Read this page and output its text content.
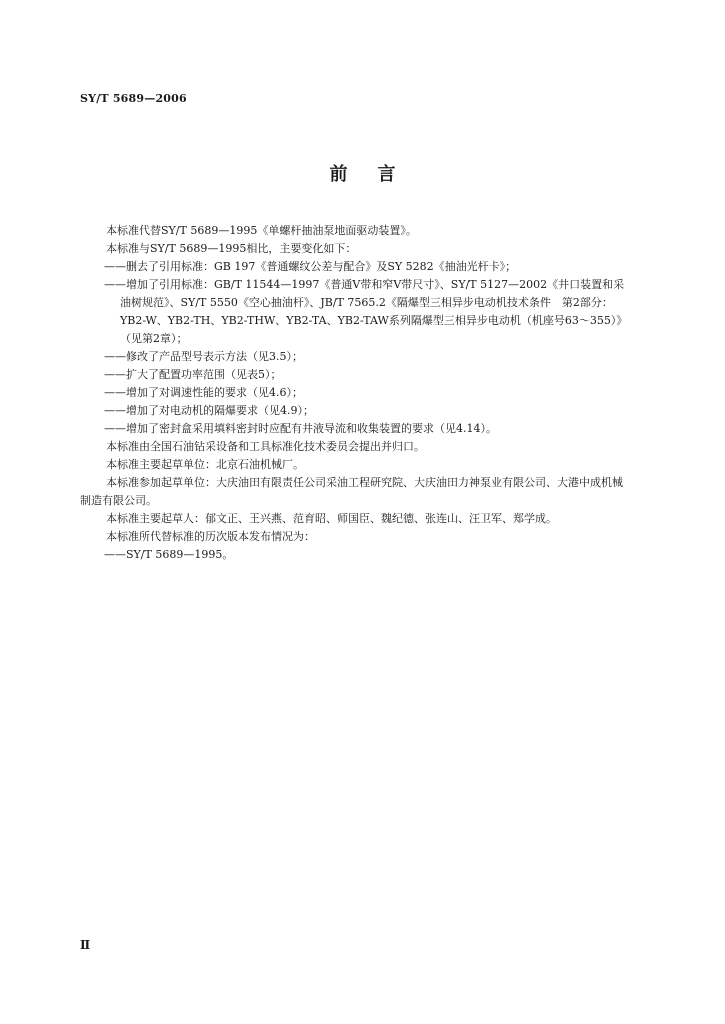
SY/T 5689—2006
前言

本标准代替SY/T 5689—1995《单螺杆抽油泵地面驱动装置》。

本标准与SY/T 5689—1995相比，主要变化如下：

——删去了引用标准：GB 197《普通螺纹公差与配合》及SY 5282《抽油光杆卡》；

——增加了引用标准：GB/T 11544—1997《普通V带和窄V带尺寸》、SY/T 5127—2002《井口装置和采油树规范》、SY/T 5550《空心抽油杆》、JB/T 7565.2《隔爆型三相异步电动机技术条件　第2部分：YB2-W、YB2-TH、YB2-THW、YB2-TA、YB2-TAW系列隔爆型三相异步电动机（机座号63～355）》（见第2章）；

——修改了产品型号表示方法（见3.5）；

——扩大了配置功率范围（见表5）；

——增加了对调速性能的要求（见4.6）；

——增加了对电动机的隔爆要求（见4.9）；

——增加了密封盒采用填料密封时应配有井液导流和收集装置的要求（见4.14）。

本标准由全国石油钻采设备和工具标准化技术委员会提出并归口。

本标准主要起草单位：北京石油机械厂。

本标准参加起草单位：大庆油田有限责任公司采油工程研究院、大庆油田力神泵业有限公司、大港中成机械制造有限公司。

本标准主要起草人：郁文正、王兴燕、范育昭、师国臣、魏纪德、张连山、汪卫军、郑学成。

本标准所代替标准的历次版本发布情况为：

——SY/T 5689—1995。

Ⅱ
